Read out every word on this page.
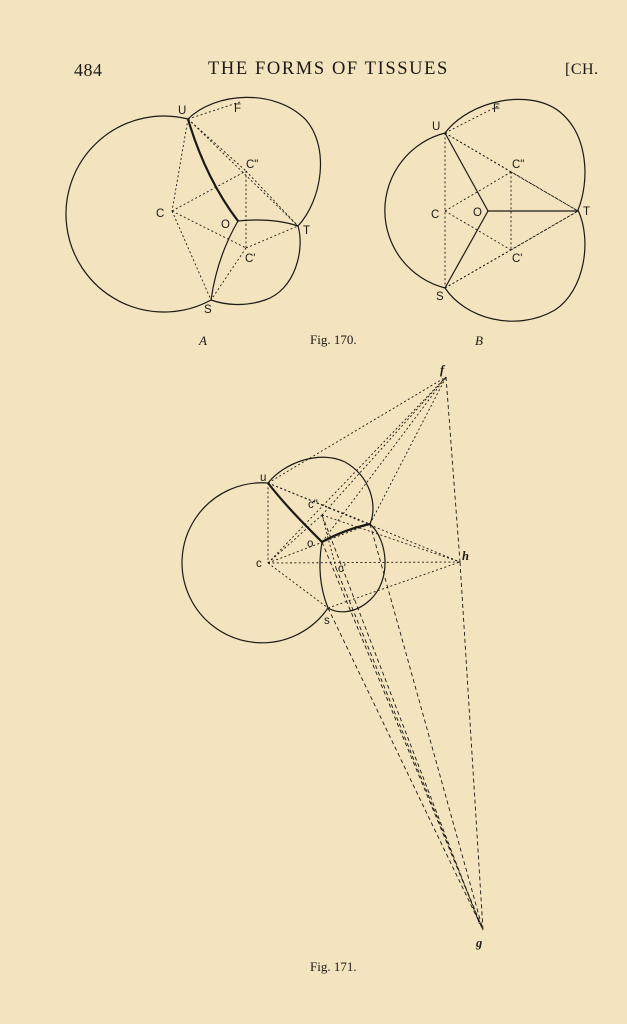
484	THE FORMS OF TISSUES	[CH.
U	F
C"
C
O	T
C'
S
A
U
F
C"
C	O	T
C'
S
B
Fig. 170.
f
u
c"
o
c	c'
h
s
g
Fig. 171.
